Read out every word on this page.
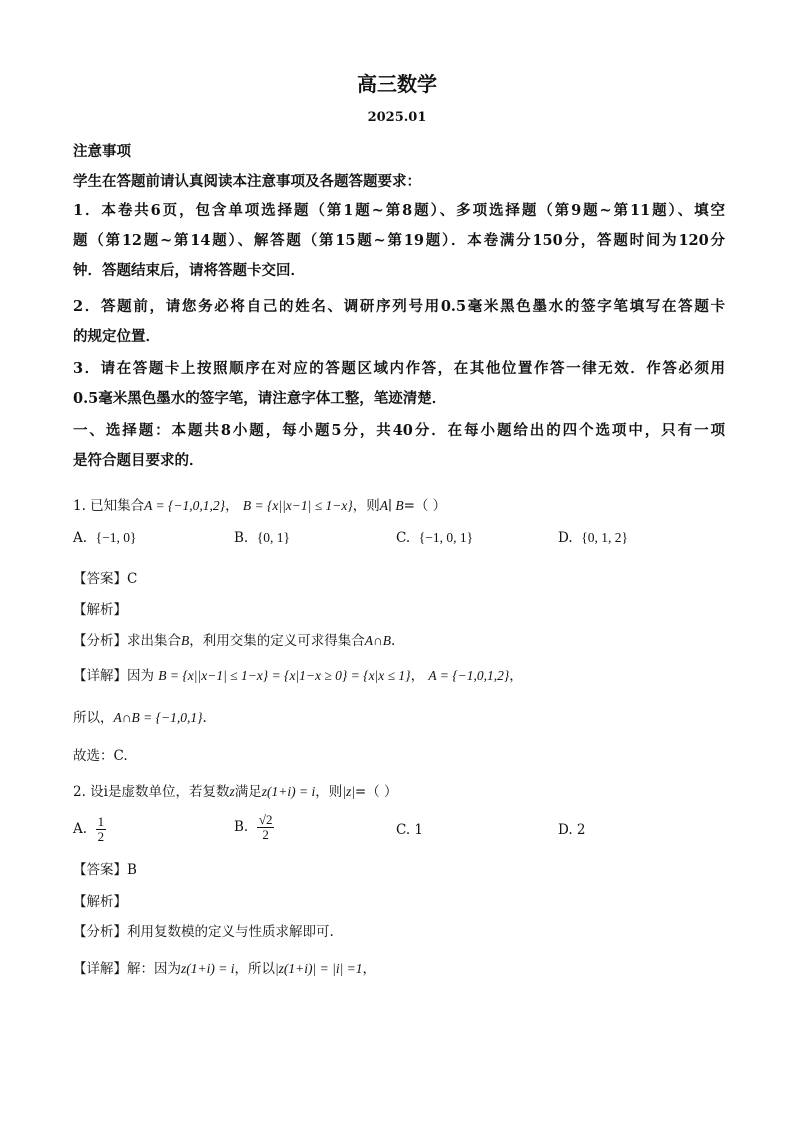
高三数学
2025.01
注意事项
学生在答题前请认真阅读本注意事项及各题答题要求：
1．本卷共6页，包含单项选择题（第1题~第8题）、多项选择题（第9题~第11题）、填空
题（第12题~第14题）、解答题（第15题~第19题）．本卷满分150分，答题时间为120分
钟．答题结束后，请将答题卡交回．
2．答题前，请您务必将自己的姓名、调研序列号用0.5毫米黑色墨水的签字笔填写在答题卡
的规定位置．
3．请在答题卡上按照顺序在对应的答题区域内作答，在其他位置作答一律无效．作答必须用
0.5毫米黑色墨水的签字笔，请注意字体工整，笔迹清楚．
一、选择题：本题共8小题，每小题5分，共40分．在每小题给出的四个选项中，只有一项
是符合题目要求的．
1. 已知集合A = {−1,0,1,2}， B = {x||x−1| ≤ 1−x}，则A∣ B=（ ）
A. {−1, 0}	B. {0, 1}	C. {−1, 0, 1}	D. {0, 1, 2}
【答案】C
【解析】
【分析】求出集合B，利用交集的定义可求得集合A∩B.
【详解】因为 B = {x||x−1| ≤ 1−x} = {x|1−x ≥ 0} = {x|x ≤ 1}， A = {−1,0,1,2}，
所以，A∩B = {−1,0,1}.
故选：C.
2. 设i是虚数单位，若复数z满足z(1+i) = i，则|z|=（ ）
A. $\frac{1}{2}$	B. $\frac{√2}{2}$	C. 1	D. 2
【答案】B
【解析】
【分析】利用复数模的定义与性质求解即可.
【详解】解：因为z(1+i) = i，所以|z(1+i)| = |i| =1，
